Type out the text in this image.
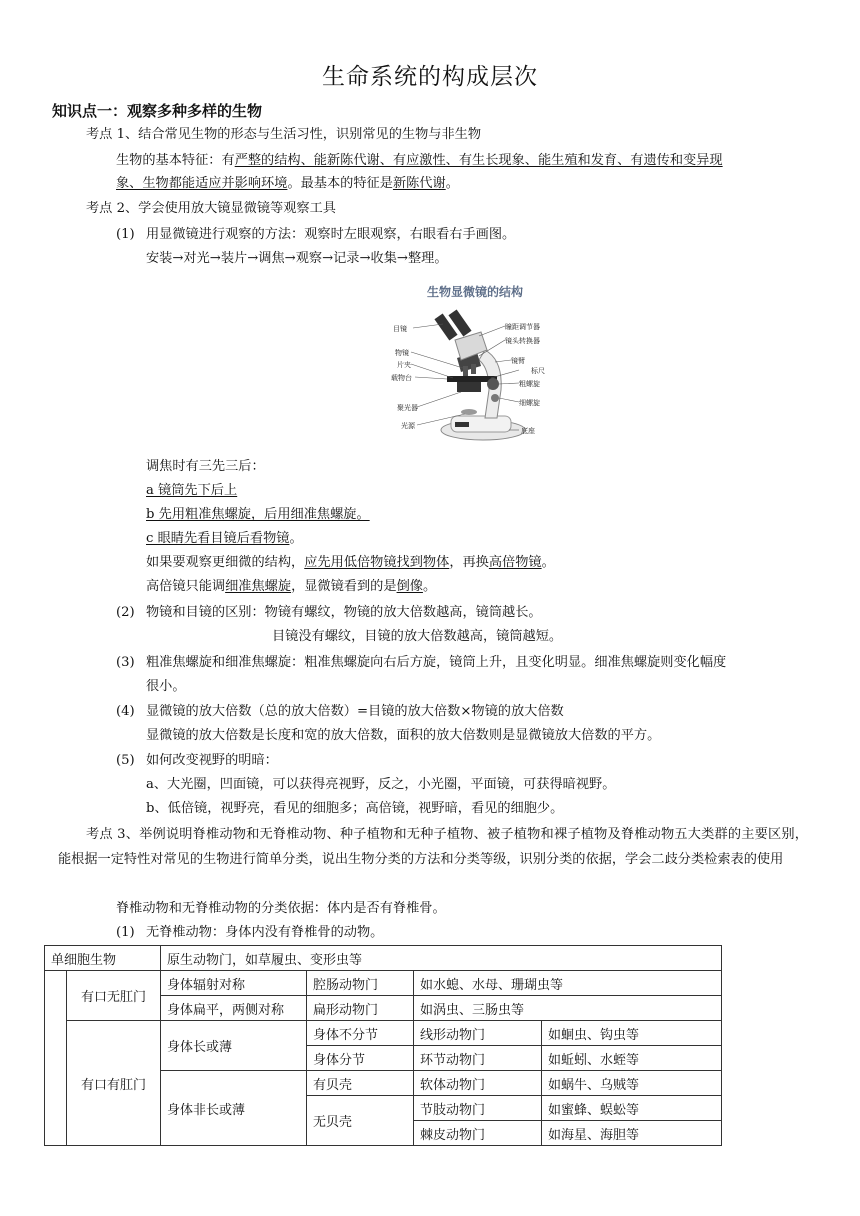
生命系统的构成层次
知识点一：观察多种多样的生物
考点 1、结合常见生物的形态与生活习性，识别常见的生物与非生物
生物的基本特征：有严整的结构、能新陈代谢、有应激性、有生长现象、能生殖和发育、有遗传和变异现
象、生物都能适应并影响环境。最基本的特征是新陈代谢。
考点 2、学会使用放大镜显微镜等观察工具
(1) 用显微镜进行观察的方法：观察时左眼观察，右眼看右手画图。
安装→对光→装片→调焦→观察→记录→收集→整理。
生物显微镜的结构
目镜
物镜
片夹
载物台
聚光器
光源
瞳距调节器
镜头转换器
镜臂
标尺
粗螺旋
细螺旋
底座
调焦时有三先三后：
a 镜筒先下后上
b 先用粗准焦螺旋，后用细准焦螺旋。
c 眼睛先看目镜后看物镜。
如果要观察更细微的结构，应先用低倍物镜找到物体，再换高倍物镜。
高倍镜只能调细准焦螺旋，显微镜看到的是倒像。
(2) 物镜和目镜的区别：物镜有螺纹，物镜的放大倍数越高，镜筒越长。
目镜没有螺纹，目镜的放大倍数越高，镜筒越短。
(3) 粗准焦螺旋和细准焦螺旋：粗准焦螺旋向右后方旋，镜筒上升，且变化明显。细准焦螺旋则变化幅度
很小。
(4) 显微镜的放大倍数（总的放大倍数）=目镜的放大倍数×物镜的放大倍数
显微镜的放大倍数是长度和宽的放大倍数，面积的放大倍数则是显微镜放大倍数的平方。
(5) 如何改变视野的明暗：
a、大光圈，凹面镜，可以获得亮视野，反之，小光圈，平面镜，可获得暗视野。
b、低倍镜，视野亮，看见的细胞多；高倍镜，视野暗，看见的细胞少。
考点 3、举例说明脊椎动物和无脊椎动物、种子植物和无种子植物、被子植物和裸子植物及脊椎动物五大类群的主要区别，能根据一定特性对常见的生物进行简单分类，说出生物分类的方法和分类等级，识别分类的依据，学会二歧分类检索表的使用
脊椎动物和无脊椎动物的分类依据：体内是否有脊椎骨。
(1) 无脊椎动物：身体内没有脊椎骨的动物。
单细胞生物		原生动物门，如草履虫、变形虫等			
	有口无肛门	身体辐射对称	腔肠动物门	如水螅、水母、珊瑚虫等	
		身体扁平，两侧对称	扁形动物门	如涡虫、三肠虫等	
	有口有肛门	身体长或薄	身体不分节	线形动物门	如蛔虫、钩虫等
			身体分节	环节动物门	如蚯蚓、水蛭等
		身体非长或薄	有贝壳	软体动物门	如蜗牛、乌贼等
			无贝壳	节肢动物门	如蜜蜂、蜈蚣等
				棘皮动物门	如海星、海胆等
